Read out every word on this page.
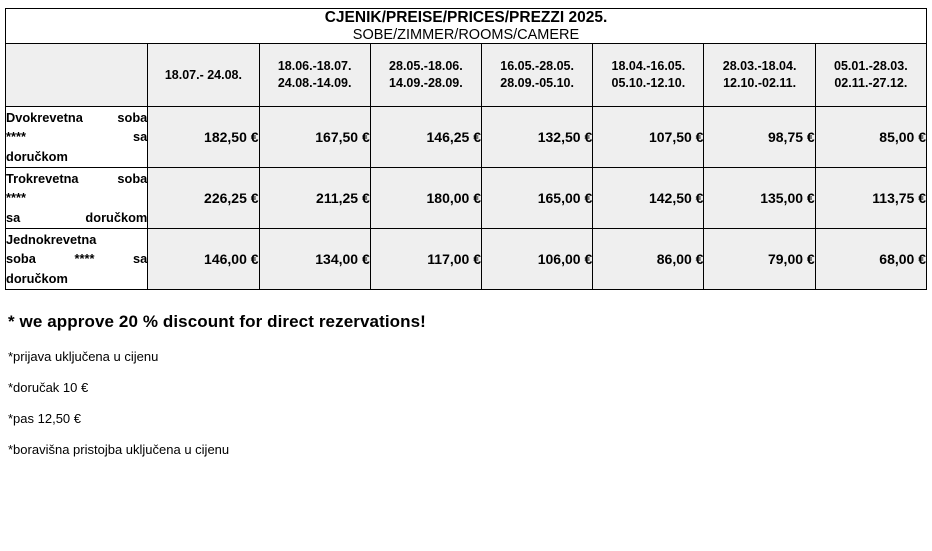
CJENIK/PREISE/PRICES/PREZZI 2025.							
SOBE/ZIMMER/ROOMS/CAMERE							
	18.07.- 24.08.	18.06.-18.07. 24.08.-14.09.	28.05.-18.06. 14.09.-28.09.	16.05.-28.05. 28.09.-05.10.	18.04.-16.05. 05.10.-12.10.	28.03.-18.04. 12.10.-02.11.	05.01.-28.03. 02.11.-27.12.

Dvokrevetna soba
**** sa
doručkom	182,50 €	167,50 €	146,25 €	132,50 €	107,50 €	98,75 €	85,00 €

Trokrevetna soba
****
sa doručkom	226,25 €	211,25 €	180,00 €	165,00 €	142,50 €	135,00 €	113,75 €

Jednokrevetna
soba **** sa
doručkom	146,00 €	134,00 €	117,00 €	106,00 €	86,00 €	79,00 €	68,00 €
* we approve 20 % discount for direct rezervations!
*prijava uključena u cijenu
*doručak 10 €
*pas 12,50 €
*boravišna pristojba uključena u cijenu
